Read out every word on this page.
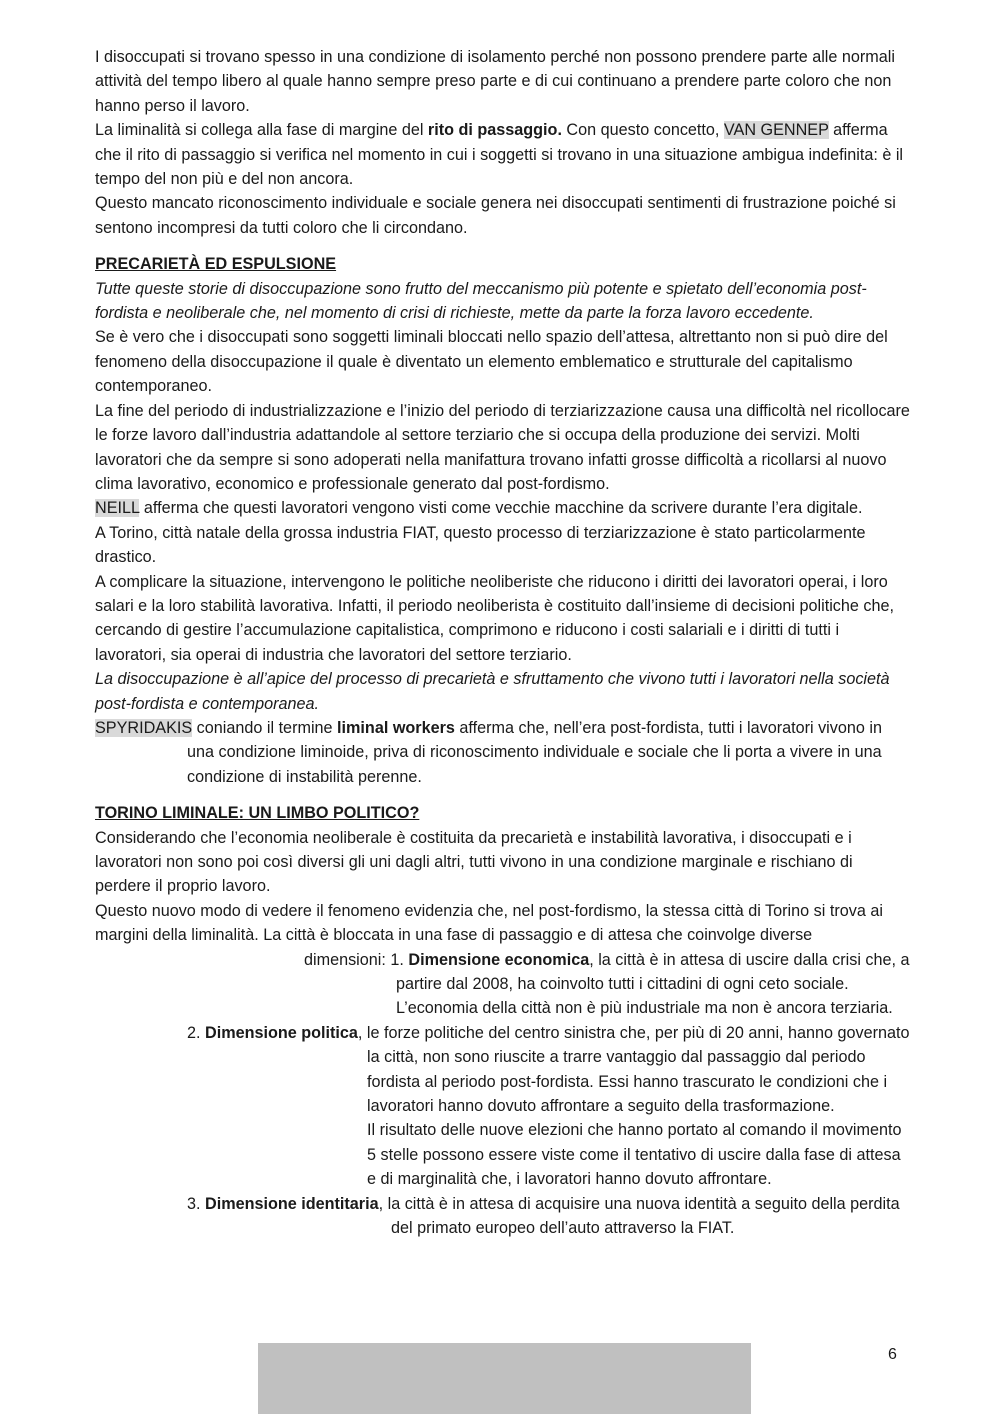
I disoccupati si trovano spesso in una condizione di isolamento perché non possono prendere parte alle normali attività del tempo libero al quale hanno sempre preso parte e di cui continuano a prendere parte coloro che non hanno perso il lavoro.

La liminalità si collega alla fase di margine del rito di passaggio. Con questo concetto, VAN GENNEP afferma che il rito di passaggio si verifica nel momento in cui i soggetti si trovano in una situazione ambigua indefinita: è il tempo del non più e del non ancora.

Questo mancato riconoscimento individuale e sociale genera nei disoccupati sentimenti di frustrazione poiché si sentono incompresi da tutti coloro che li circondano.

PRECARIETÀ ED ESPULSIONE

Tutte queste storie di disoccupazione sono frutto del meccanismo più potente e spietato dell’economia post-fordista e neoliberale che, nel momento di crisi di richieste, mette da parte la forza lavoro eccedente.

Se è vero che i disoccupati sono soggetti liminali bloccati nello spazio dell’attesa, altrettanto non si può dire del fenomeno della disoccupazione il quale è diventato un elemento emblematico e strutturale del capitalismo contemporaneo.

La fine del periodo di industrializzazione e l’inizio del periodo di terziarizzazione causa una difficoltà nel ricollocare le forze lavoro dall’industria adattandole al settore terziario che si occupa della produzione dei servizi. Molti lavoratori che da sempre si sono adoperati nella manifattura trovano infatti grosse difficoltà a ricollarsi al nuovo clima lavorativo, economico e professionale generato dal post-fordismo.

NEILL afferma che questi lavoratori vengono visti come vecchie macchine da scrivere durante l’era digitale.

A Torino, città natale della grossa industria FIAT, questo processo di terziarizzazione è stato particolarmente drastico.

A complicare la situazione, intervengono le politiche neoliberiste che riducono i diritti dei lavoratori operai, i loro salari e la loro stabilità lavorativa. Infatti, il periodo neoliberista è costituito dall’insieme di decisioni politiche che, cercando di gestire l’accumulazione capitalistica, comprimono e riducono i costi salariali e i diritti di tutti i lavoratori, sia operai di industria che lavoratori del settore terziario.

La disoccupazione è all’apice del processo di precarietà e sfruttamento che vivono tutti i lavoratori nella società post-fordista e contemporanea.

SPYRIDAKIS coniando il termine liminal workers afferma che, nell’era post-fordista, tutti i lavoratori vivono in una condizione liminoide, priva di riconoscimento individuale e sociale che li porta a vivere in una condizione di instabilità perenne.

TORINO LIMINALE: UN LIMBO POLITICO?

Considerando che l’economia neoliberale è costituita da precarietà e instabilità lavorativa, i disoccupati e i lavoratori non sono poi così diversi gli uni dagli altri, tutti vivono in una condizione marginale e rischiano di perdere il proprio lavoro.

Questo nuovo modo di vedere il fenomeno evidenzia che, nel post-fordismo, la stessa città di Torino si trova ai margini della liminalità. La città è bloccata in una fase di passaggio e di attesa che coinvolge diverse

dimensioni: 1. Dimensione economica, la città è in attesa di uscire dalla crisi che, a partire dal 2008, ha coinvolto tutti i cittadini di ogni ceto sociale. L’economia della città non è più industriale ma non è ancora terziaria.

2. Dimensione politica, le forze politiche del centro sinistra che, per più di 20 anni, hanno governato la città, non sono riuscite a trarre vantaggio dal passaggio dal periodo fordista al periodo post-fordista. Essi hanno trascurato le condizioni che i lavoratori hanno dovuto affrontare a seguito della trasformazione.

Il risultato delle nuove elezioni che hanno portato al comando il movimento 5 stelle possono essere viste come il tentativo di uscire dalla fase di attesa e di marginalità che, i lavoratori hanno dovuto affrontare.

3. Dimensione identitaria, la città è in attesa di acquisire una nuova identità a seguito della perdita del primato europeo dell’auto attraverso la FIAT.

6
